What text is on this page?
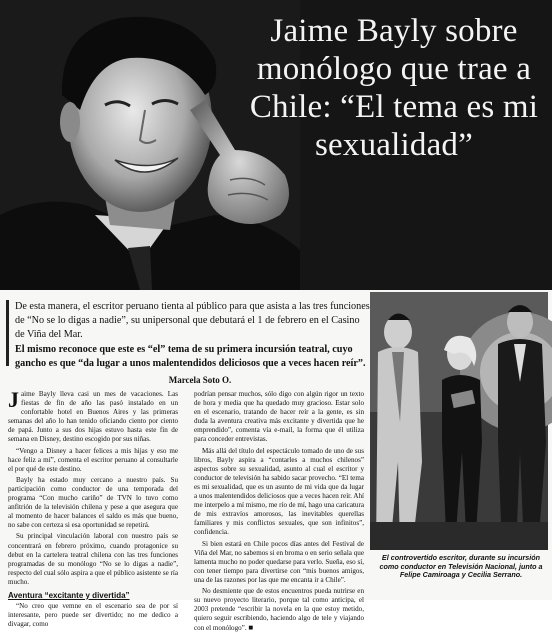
Jaime Bayly sobre
monólogo que trae a
Chile: “El tema es mi
sexualidad”

De esta manera, el escritor peruano tienta al público para que asista a las tres funciones de “No se lo digas a nadie”, su unipersonal que debutará el 1 de febrero en el Casino de Viña del Mar.

El mismo reconoce que este es “el” tema de su primera incursión teatral, cuyo gancho es que “da lugar a unos malentendidos deliciosos que a veces hacen reír”.

Marcela Soto O.

Jaime Bayly lleva casi un mes de vacaciones. Las fiestas de fin de año las pasó instalado en un confortable hotel en Buenos Aires y las primeras semanas del año lo han tenido oficiando ciento por ciento de papá. Junto a sus dos hijas estuvo hasta este fin de semana en Disney, destino escogido por sus niñas.

“Vengo a Disney a hacer felices a mis hijas y eso me hace feliz a mí”, comenta el escritor peruano al consultarle el por qué de este destino.

Bayly ha estado muy cercano a nuestro país. Su participación como conductor de una temporada del programa “Con mucho cariño” de TVN lo tuvo como anfitrión de la televisión chilena y pese a que asegura que al momento de hacer balances el saldo es más que bueno, no sabe con certeza si esa oportunidad se repetirá.

Su principal vinculación laboral con nuestro país se concentrará en febrero próximo, cuando protagonice su debut en la cartelera teatral chilena con las tres funciones programadas de su monólogo “No se lo digas a nadie”, respecto del cual sólo aspira a que el público asistente se ría mucho.

Aventura “excitante y divertida”

“No creo que vemne en el escenario sea de por sí interesante, pero puede ser divertido; no me dedico a divagar, como

podrían pensar muchos, sólo digo con algún rigor un texto de hora y media que ha quedado muy gracioso. Estar solo en el escenario, tratando de hacer reír a la gente, es sin duda la aventura creativa más excitante y divertida que he emprendido”, comenta vía e-mail, la forma que él utiliza para conceder entrevistas.

Más allá del título del espectáculo tomado de uno de sus libros, Bayly aspira a “contarles a muchos chilenos” aspectos sobre su sexualidad, asunto al cual el escritor y conductor de televisión ha sabido sacar provecho. “El tema es mi sexualidad, que es un asunto de mi vida que da lugar a unos malentendidos deliciosos que a veces hacen reír. Ahí me interpelo a mí mismo, me río de mí, hago una caricatura de mis extravíos amorosos, las inevitables querellas familiares y mis conflictos sexuales, que son infinitos”, confidencia.

Si bien estará en Chile pocos días antes del Festival de Viña del Mar, no sabemos si en broma o en serio señala que lamenta mucho no poder quedarse para verlo. Sueña, eso sí, con tener tiempo para divertirse con “mis buenos amigos, una de las razones por las que me encanta ir a Chile”.

No desmiente que de estos encuentros pueda nutrirse en su nuevo proyecto literario, porque tal como anticipa, el 2003 pretende “escribir la novela en la que estoy metido, quiero seguir escribiendo, haciendo algo de tele y viajando con el monólogo”. ■

El controvertido escritor, durante su incursión como conductor en Televisión Nacional, junto a Felipe Camiroaga y Cecilia Serrano.
